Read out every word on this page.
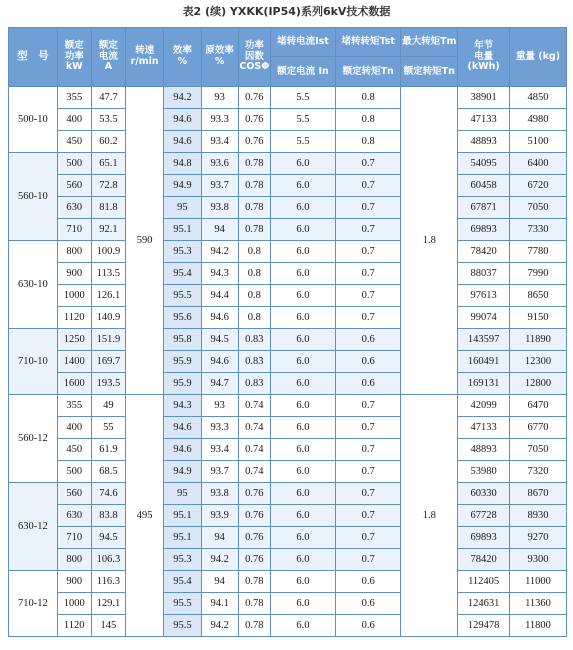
表2 (续) YXKK(IP54)系列6kV技术数据
型　号	额定
功率
kW	额定
电流
A	转速
r/min	效率
%	原效率
%	功率
因数
COSΦ	堵转电流Ist	堵转转矩Tst	最大转矩Tm	年节
电量
(kWh)	重量 (kg)
							额定电流 In	额定转矩Tn	额定转矩Tn		
500-10	355	47.7	590	94.2	93	0.76	5.5	0.8	1.8	38901	4850
	400	53.5		94.6	93.3	0.76	5.5	0.8		47133	4980
	450	60.2		94.6	93.4	0.76	5.5	0.8		48893	5100
560-10	500	65.1		94.8	93.6	0.78	6.0	0.7		54095	6400
	560	72.8		94.9	93.7	0.78	6.0	0.7		60458	6720
	630	81.8		95	93.8	0.78	6.0	0.7		67871	7050
	710	92.1		95.1	94	0.78	6.0	0.7		69893	7330
630-10	800	100.9		95.3	94.2	0.8	6.0	0.7		78420	7780
	900	113.5		95.4	94.3	0.8	6.0	0.7		88037	7990
	1000	126.1		95.5	94.4	0.8	6.0	0.7		97613	8650
	1120	140.9		95.6	94.6	0.8	6.0	0.7		99074	9150
710-10	1250	151.9		95.8	94.5	0.83	6.0	0.6		143597	11890
	1400	169.7		95.9	94.6	0.83	6.0	0.6		160491	12300
	1600	193.5		95.9	94.7	0.83	6.0	0.6		169131	12800
560-12	355	49	495	94.3	93	0.74	6.0	0.7	1.8	42099	6470
	400	55		94.6	93.3	0.74	6.0	0.7		47133	6770
	450	61.9		94.6	93.4	0.74	6.0	0.7		48893	7050
	500	68.5		94.9	93.7	0.74	6.0	0.7		53980	7320
630-12	560	74.6		95	93.8	0.76	6.0	0.7		60330	8670
	630	83.8		95.1	93.9	0.76	6.0	0.7		67728	8930
	710	94.5		95.1	94	0.76	6.0	0.7		69893	9270
	800	106.3		95.3	94.2	0.76	6.0	0.7		78420	9300
710-12	900	116.3		95.4	94	0.78	6.0	0.6		112405	11000
	1000	129.1		95.5	94.1	0.78	6.0	0.6		124631	11360
	1120	145		95.5	94.2	0.78	6.0	0.6		129478	11800
